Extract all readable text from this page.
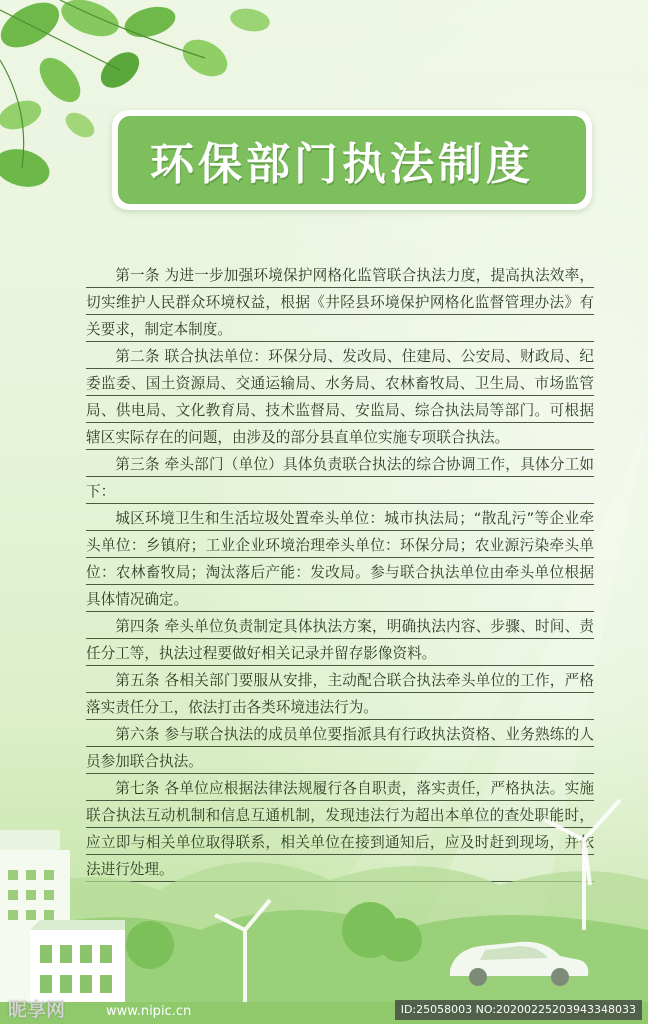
环保部门执法制度

第一条 为进一步加强环境保护网格化监管联合执法力度，提高执法效率，切实维护人民群众环境权益，根据《井陉县环境保护网格化监督管理办法》有关要求，制定本制度。

第二条 联合执法单位：环保分局、发改局、住建局、公安局、财政局、纪委监委、国土资源局、交通运输局、水务局、农林畜牧局、卫生局、市场监管局、供电局、文化教育局、技术监督局、安监局、综合执法局等部门。可根据辖区实际存在的问题，由涉及的部分县直单位实施专项联合执法。

第三条 牵头部门（单位）具体负责联合执法的综合协调工作，具体分工如下：

城区环境卫生和生活垃圾处置牵头单位：城市执法局；“散乱污”等企业牵头单位：乡镇府；工业企业环境治理牵头单位：环保分局；农业源污染牵头单位：农林畜牧局；淘汰落后产能：发改局。参与联合执法单位由牵头单位根据具体情况确定。

第四条 牵头单位负责制定具体执法方案，明确执法内容、步骤、时间、责任分工等，执法过程要做好相关记录并留存影像资料。

第五条 各相关部门要服从安排，主动配合联合执法牵头单位的工作，严格落实责任分工，依法打击各类环境违法行为。

第六条 参与联合执法的成员单位要指派具有行政执法资格、业务熟练的人员参加联合执法。

第七条 各单位应根据法律法规履行各自职责，落实责任，严格执法。实施联合执法互动机制和信息互通机制，发现违法行为超出本单位的查处职能时，应立即与相关单位取得联系，相关单位在接到通知后，应及时赶到现场，并依法进行处理。

昵享网	www.nipic.cn	ID:25058003 NO:20200225203943348033
